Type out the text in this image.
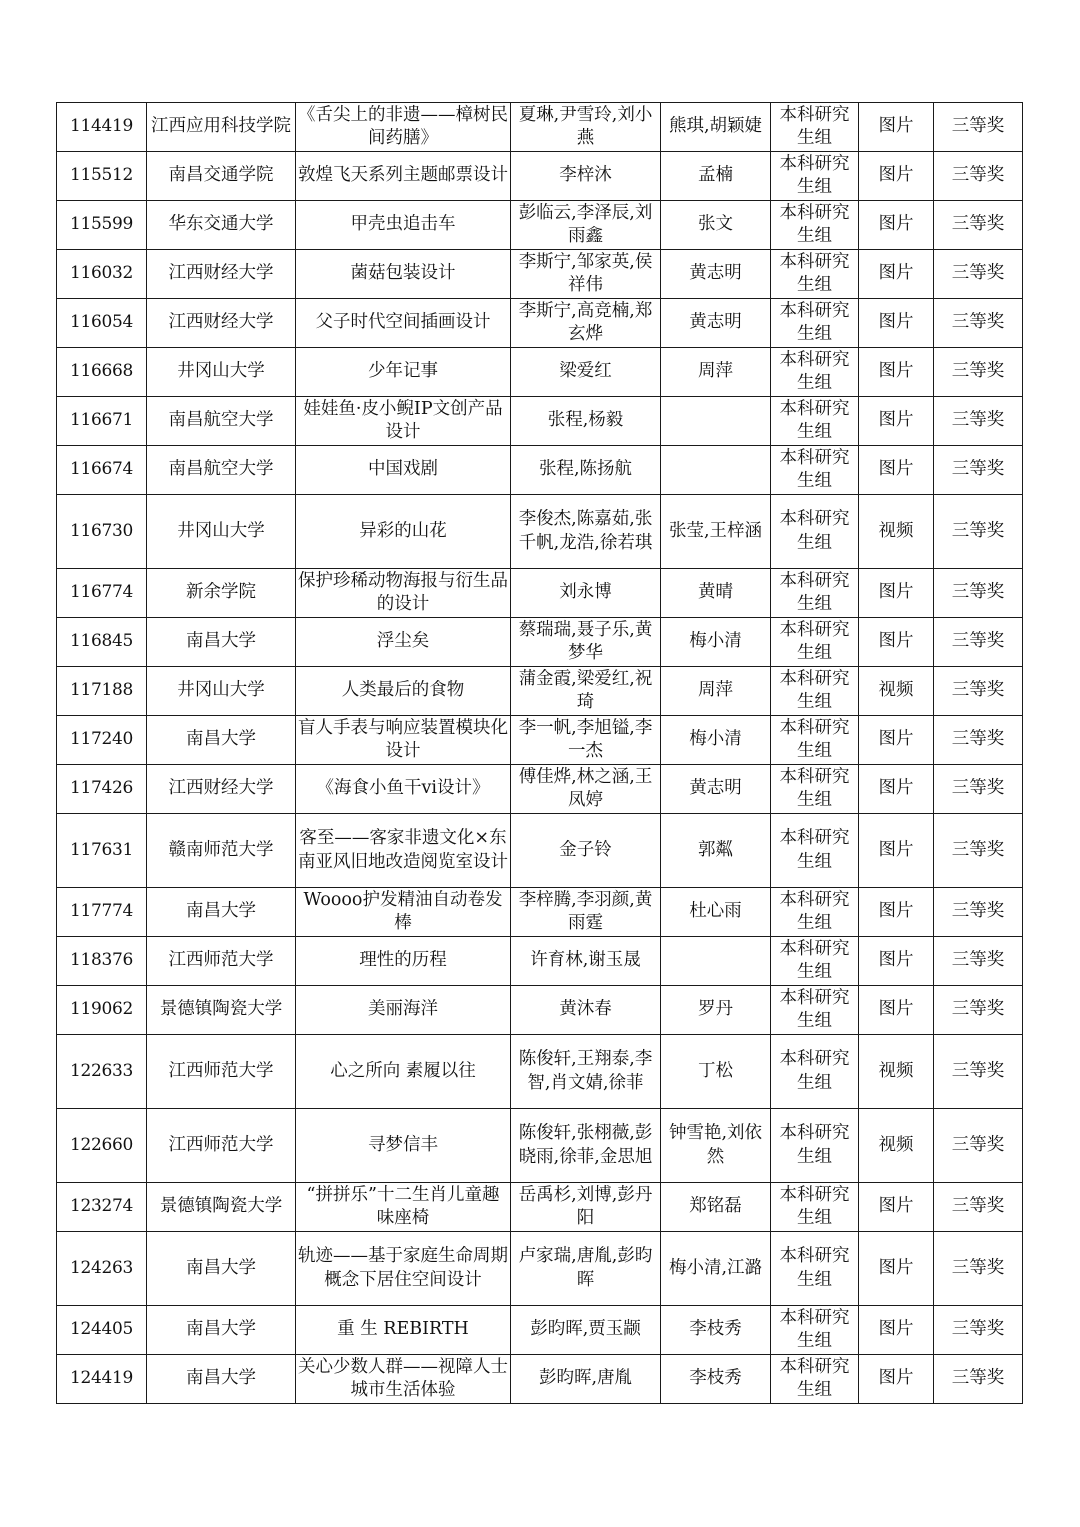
114419	江西应用科技学院	《舌尖上的非遗——樟树民间药膳》	夏琳,尹雪玲,刘小燕	熊琪,胡颖婕	本科研究生组	图片	三等奖
115512	南昌交通学院	敦煌飞天系列主题邮票设计	李梓沐	孟楠	本科研究生组	图片	三等奖
115599	华东交通大学	甲壳虫追击车	彭临云,李泽辰,刘雨鑫	张文	本科研究生组	图片	三等奖
116032	江西财经大学	菌菇包装设计	李斯宁,邹家英,侯祥伟	黄志明	本科研究生组	图片	三等奖
116054	江西财经大学	父子时代空间插画设计	李斯宁,高竞楠,郑玄烨	黄志明	本科研究生组	图片	三等奖
116668	井冈山大学	少年记事	梁爱红	周萍	本科研究生组	图片	三等奖
116671	南昌航空大学	娃娃鱼·皮小鲵IP文创产品设计	张程,杨毅		本科研究生组	图片	三等奖
116674	南昌航空大学	中国戏剧	张程,陈扬航		本科研究生组	图片	三等奖
116730	井冈山大学	异彩的山花	李俊杰,陈嘉茹,张千帆,龙浩,徐若琪	张莹,王梓涵	本科研究生组	视频	三等奖
116774	新余学院	保护珍稀动物海报与衍生品的设计	刘永博	黄晴	本科研究生组	图片	三等奖
116845	南昌大学	浮尘矣	蔡瑞瑞,聂子乐,黄梦华	梅小清	本科研究生组	图片	三等奖
117188	井冈山大学	人类最后的食物	蒲金霞,梁爱红,祝琦	周萍	本科研究生组	视频	三等奖
117240	南昌大学	盲人手表与响应装置模块化设计	李一帆,李旭镒,李一杰	梅小清	本科研究生组	图片	三等奖
117426	江西财经大学	《海食小鱼干vi设计》	傅佳烨,林之涵,王凤婷	黄志明	本科研究生组	图片	三等奖
117631	赣南师范大学	客至——客家非遗文化×东南亚风旧地改造阅览室设计	金子铃	郭粼	本科研究生组	图片	三等奖
117774	南昌大学	Woooo护发精油自动卷发棒	李梓腾,李羽颜,黄雨霆	杜心雨	本科研究生组	图片	三等奖
118376	江西师范大学	理性的历程	许育林,谢玉晟		本科研究生组	图片	三等奖
119062	景德镇陶瓷大学	美丽海洋	黄沐春	罗丹	本科研究生组	图片	三等奖
122633	江西师范大学	心之所向 素履以往	陈俊轩,王翔泰,李智,肖文婧,徐菲	丁松	本科研究生组	视频	三等奖
122660	江西师范大学	寻梦信丰	陈俊轩,张栩薇,彭晓雨,徐菲,金思旭	钟雪艳,刘依然	本科研究生组	视频	三等奖
123274	景德镇陶瓷大学	“拼拼乐”十二生肖儿童趣味座椅	岳禹杉,刘博,彭丹阳	郑铭磊	本科研究生组	图片	三等奖
124263	南昌大学	轨迹——基于家庭生命周期概念下居住空间设计	卢家瑞,唐胤,彭昀晖	梅小清,江潞	本科研究生组	图片	三等奖
124405	南昌大学	重 生 REBIRTH	彭昀晖,贾玉颛	李枝秀	本科研究生组	图片	三等奖
124419	南昌大学	关心少数人群——视障人士城市生活体验	彭昀晖,唐胤	李枝秀	本科研究生组	图片	三等奖
